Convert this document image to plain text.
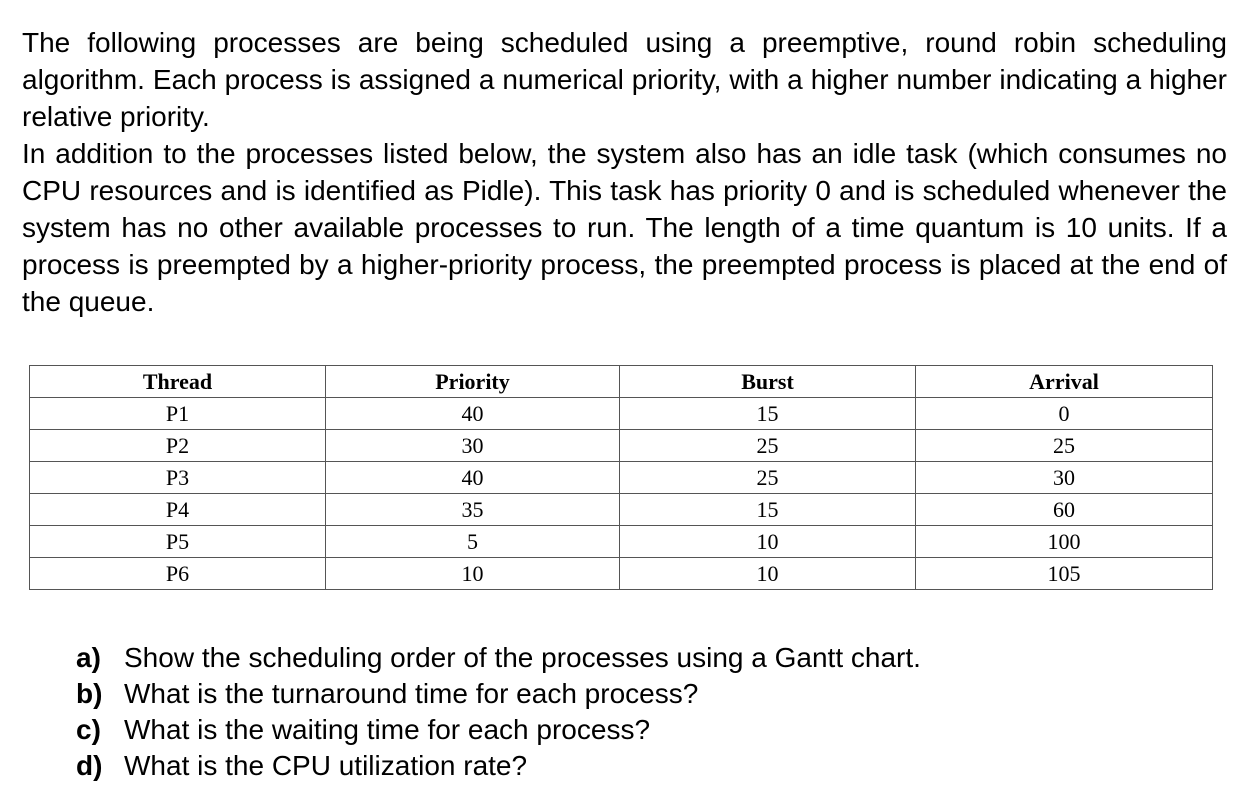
The following processes are being scheduled using a preemptive, round robin scheduling algorithm. Each process is assigned a numerical priority, with a higher number indicating a higher relative priority.

In addition to the processes listed below, the system also has an idle task (which consumes no CPU resources and is identified as Pidle). This task has priority 0 and is scheduled whenever the system has no other available processes to run. The length of a time quantum is 10 units. If a process is preempted by a higher-priority process, the preempted process is placed at the end of the queue.

Thread	Priority	Burst	Arrival
P1	40	15	0
P2	30	25	25
P3	40	25	30
P4	35	15	60
P5	5	10	100
P6	10	10	105
a) Show the scheduling order of the processes using a Gantt chart.
b) What is the turnaround time for each process?
c) What is the waiting time for each process?
d) What is the CPU utilization rate?
